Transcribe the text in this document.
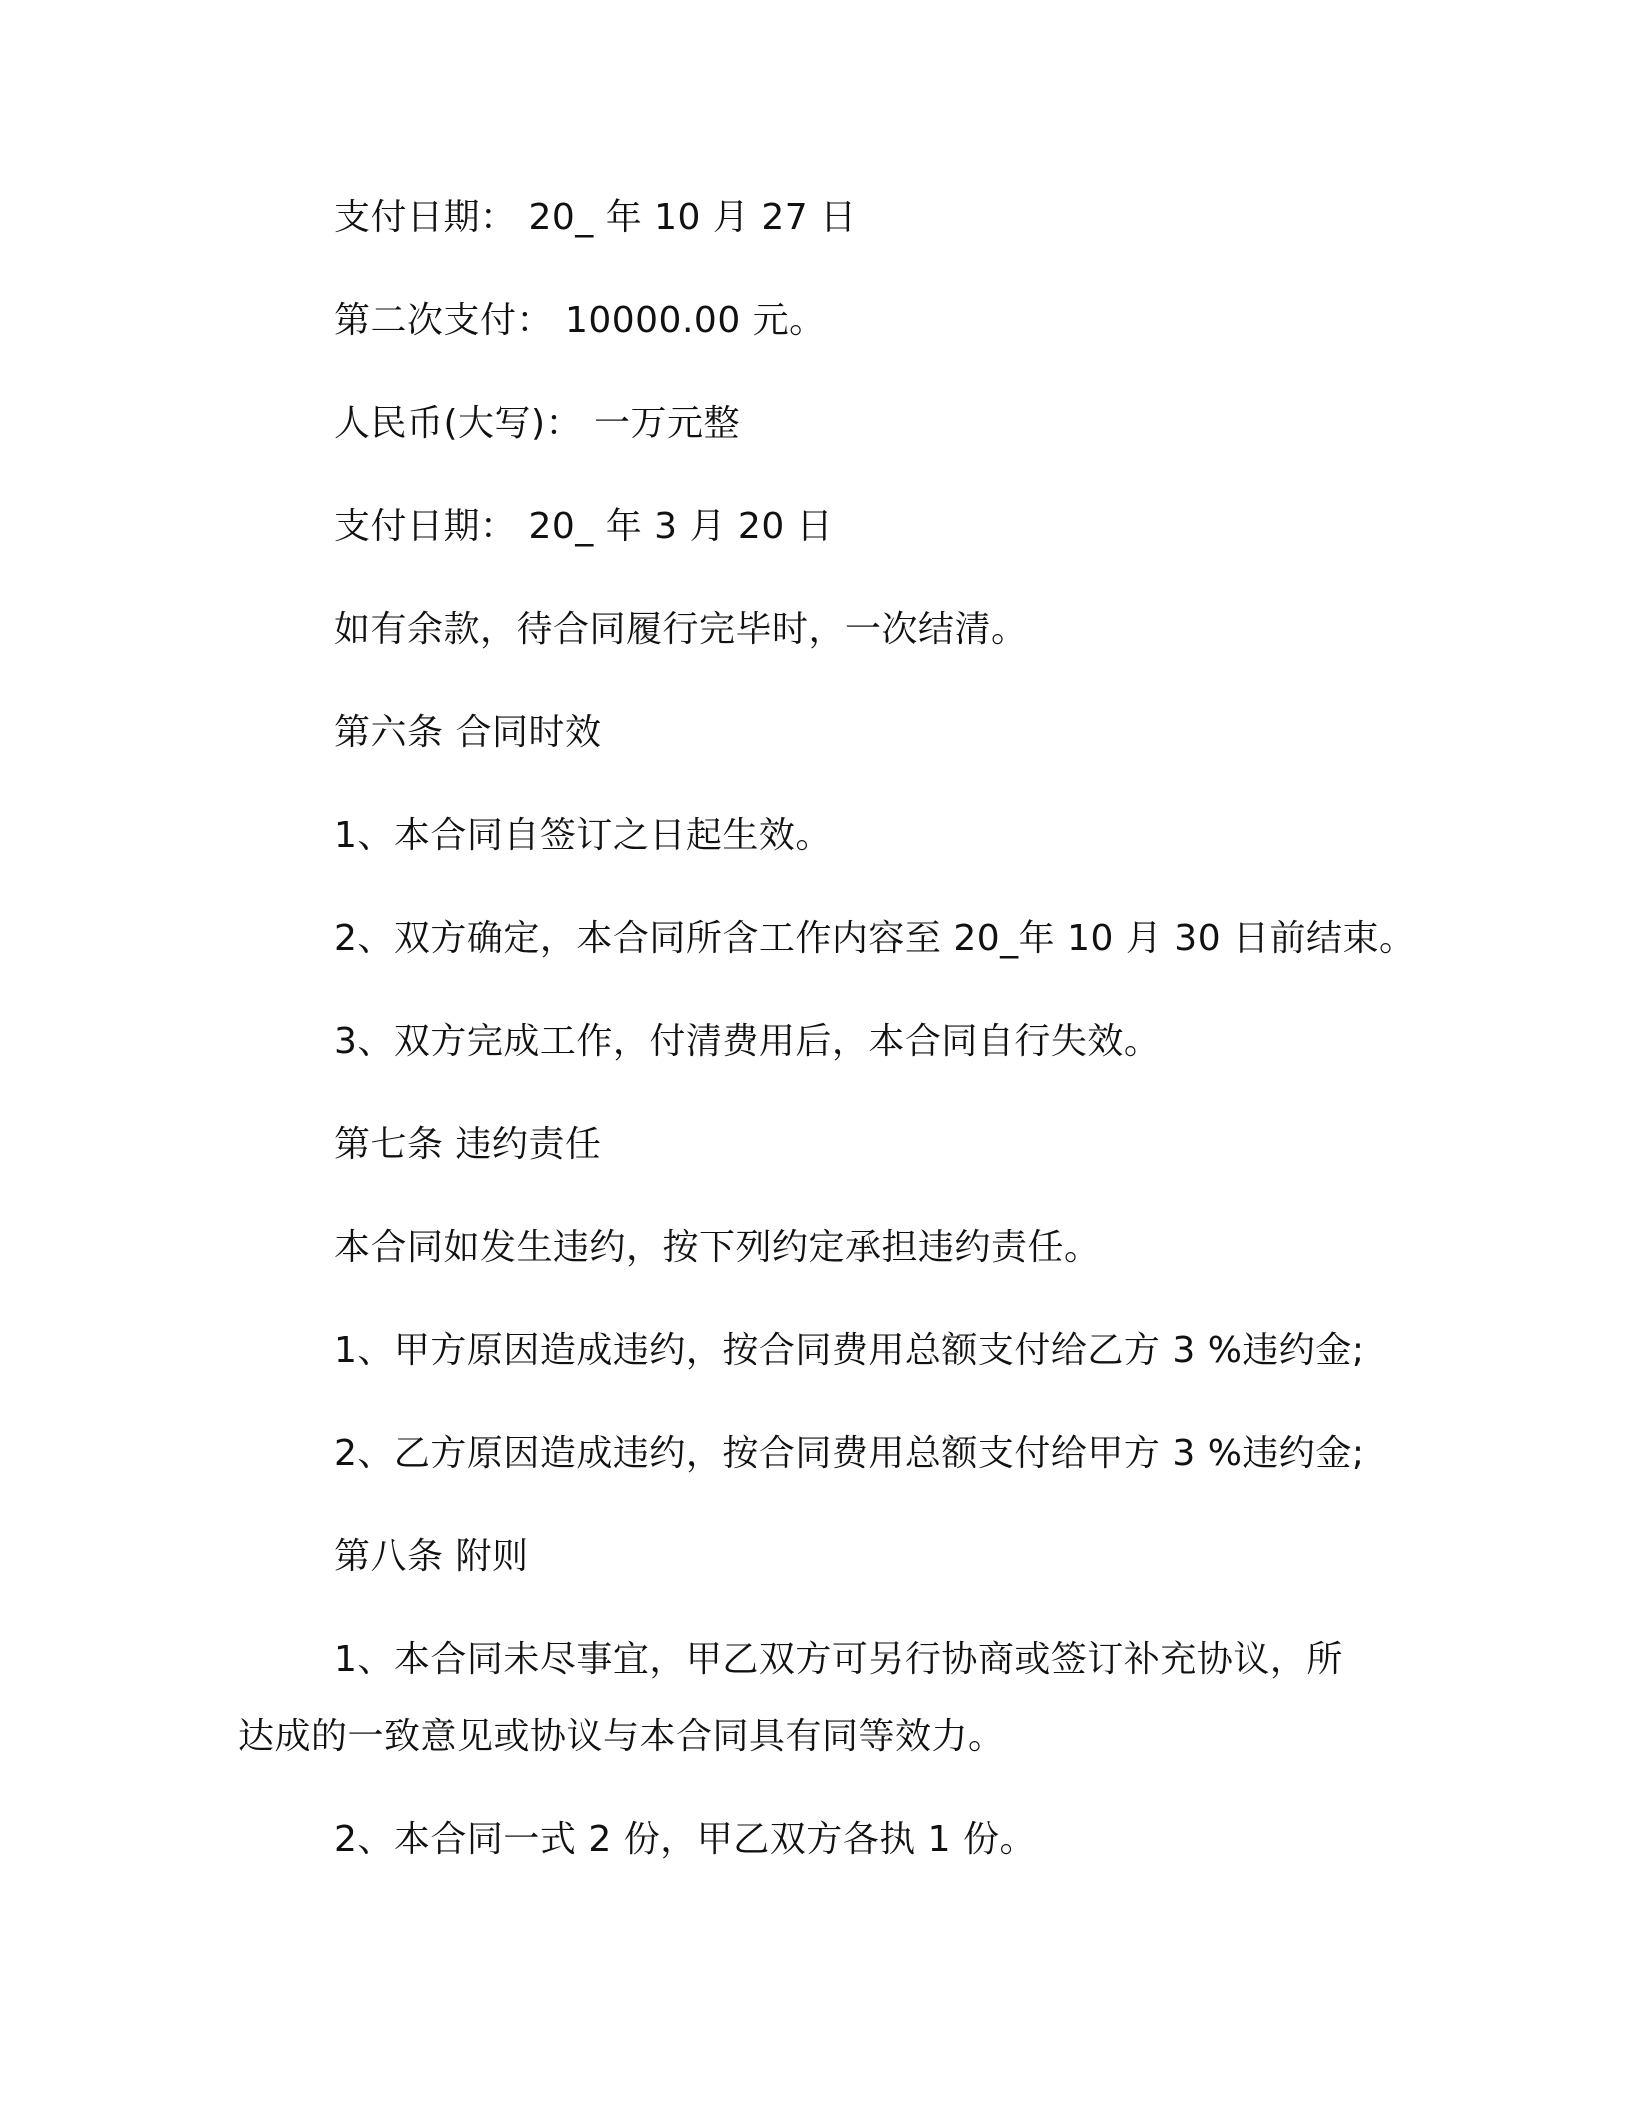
支付日期： 20_ 年 10 月 27 日
第二次支付： 10000.00 元。
人民币(大写)： 一万元整
支付日期： 20_ 年 3 月 20 日
如有余款，待合同履行完毕时，一次结清。
第六条 合同时效
1、本合同自签订之日起生效。
2、双方确定，本合同所含工作内容至 20_年 10 月 30 日前结束。
3、双方完成工作，付清费用后，本合同自行失效。
第七条 违约责任
本合同如发生违约，按下列约定承担违约责任。
1、甲方原因造成违约，按合同费用总额支付给乙方 3 %违约金;
2、乙方原因造成违约，按合同费用总额支付给甲方 3 %违约金;
第八条 附则
1、本合同未尽事宜，甲乙双方可另行协商或签订补充协议，所
达成的一致意见或协议与本合同具有同等效力。
2、本合同一式 2 份，甲乙双方各执 1 份。
